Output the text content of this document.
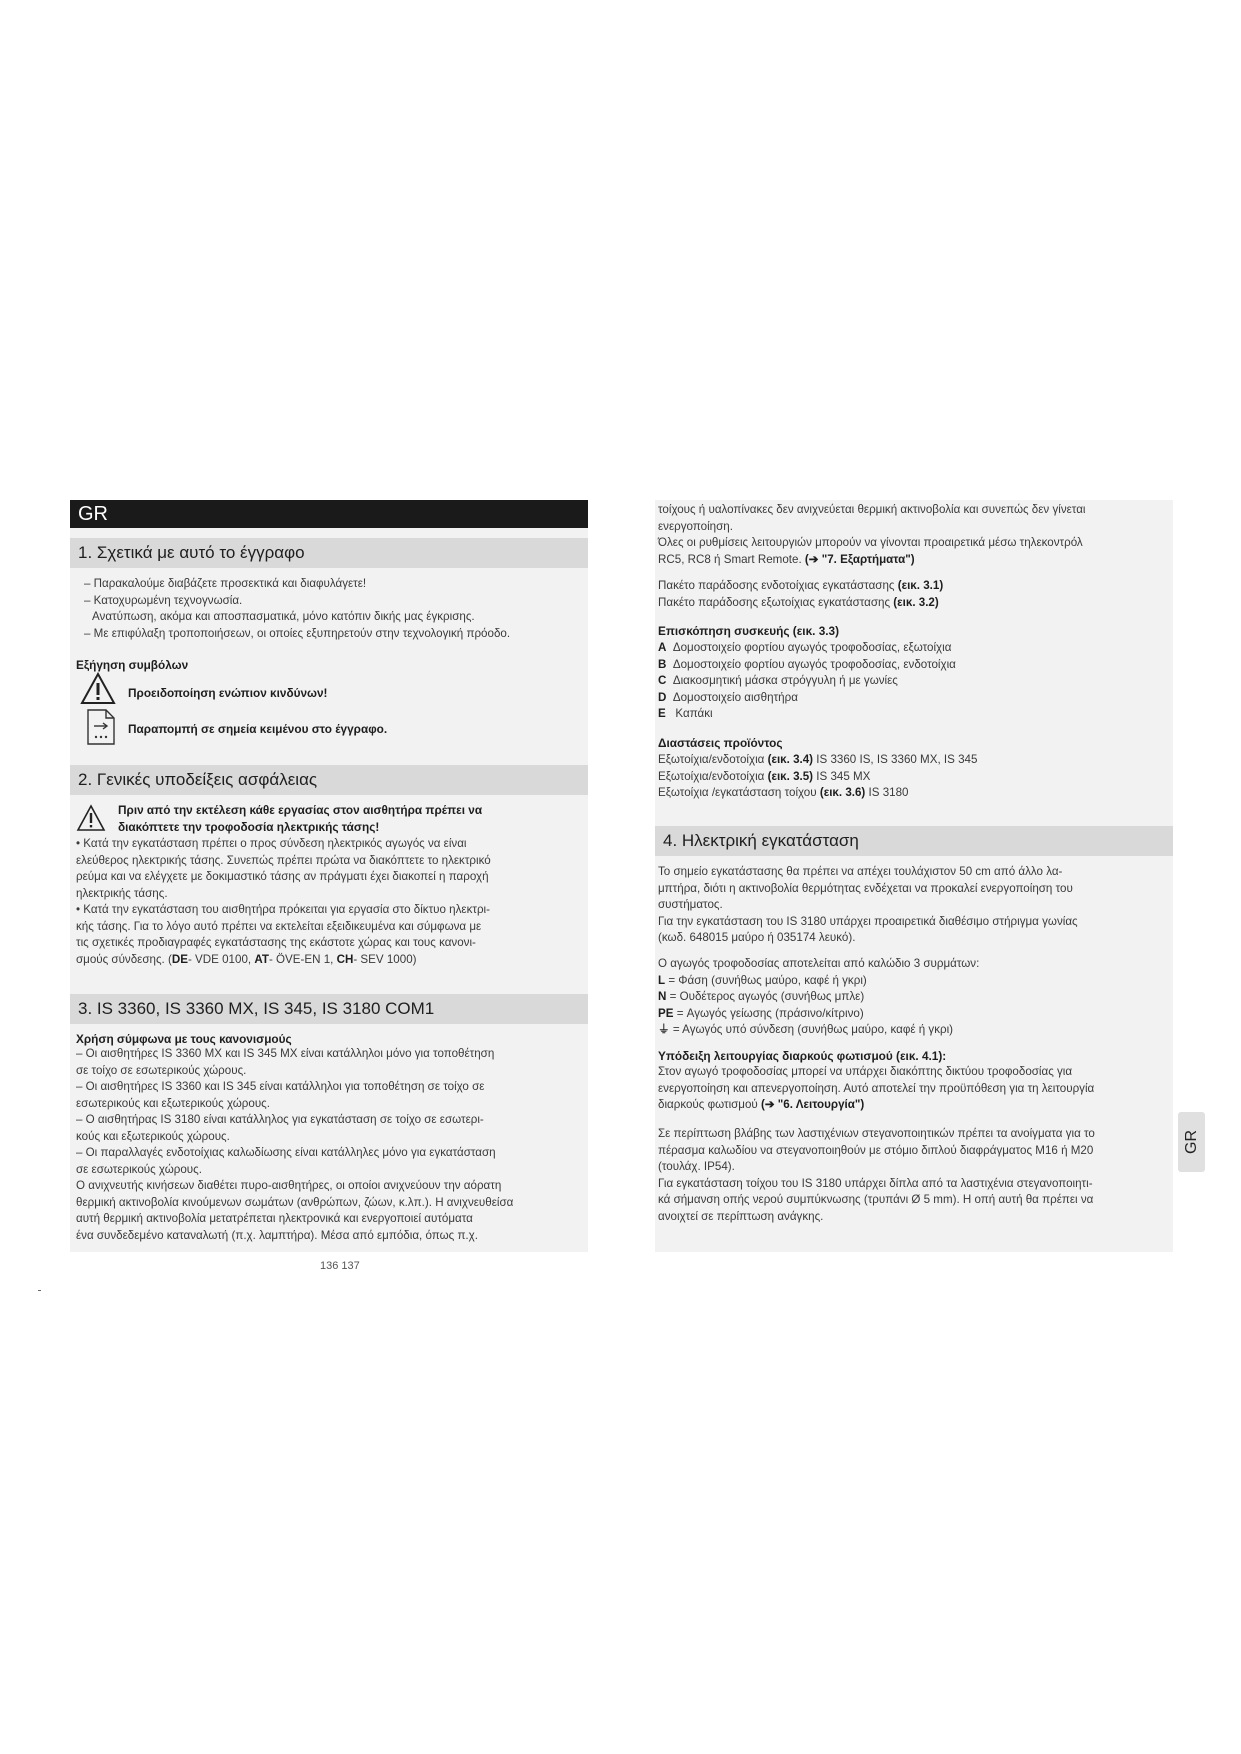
GR
1. Σχετικά με αυτό το έγγραφο
– Παρακαλούμε διαβάζετε προσεκτικά και διαφυλάγετε!
– Κατοχυρωμένη τεχνογνωσία.
Ανατύπωση, ακόμα και αποσπασματικά, μόνο κατόπιν δικής μας έγκρισης.
– Με επιφύλαξη τροποποιήσεων, οι οποίες εξυπηρετούν στην τεχνολογική πρόοδο.
Εξήγηση συμβόλων
Προειδοποίηση ενώπιον κινδύνων!
Παραπομπή σε σημεία κειμένου στο έγγραφο.
2. Γενικές υποδείξεις ασφάλειας
Πριν από την εκτέλεση κάθε εργασίας στον αισθητήρα πρέπει να
διακόπτετε την τροφοδοσία ηλεκτρικής τάσης!
• Κατά την εγκατάσταση πρέπει ο προς σύνδεση ηλεκτρικός αγωγός να είναι
ελεύθερος ηλεκτρικής τάσης. Συνεπώς πρέπει πρώτα να διακόπτετε το ηλεκτρικό
ρεύμα και να ελέγχετε με δοκιμαστικό τάσης αν πράγματι έχει διακοπεί η παροχή
ηλεκτρικής τάσης.
• Κατά την εγκατάσταση του αισθητήρα πρόκειται για εργασία στο δίκτυο ηλεκτρι-
κής τάσης. Για το λόγο αυτό πρέπει να εκτελείται εξειδικευμένα και σύμφωνα με
τις σχετικές προδιαγραφές εγκατάστασης της εκάστοτε χώρας και τους κανονι-
σμούς σύνδεσης. (DE- VDE 0100, AT- ÖVE-EN 1, CH- SEV 1000)
3. IS 3360, IS 3360 MX, IS 345, IS 3180 COM1
Χρήση σύμφωνα με τους κανονισμούς
– Οι αισθητήρες IS 3360 MX και IS 345 MX είναι κατάλληλοι μόνο για τοποθέτηση
σε τοίχο σε εσωτερικούς χώρους.
– Οι αισθητήρες IS 3360 και IS 345 είναι κατάλληλοι για τοποθέτηση σε τοίχο σε
εσωτερικούς και εξωτερικούς χώρους.
– Ο αισθητήρας IS 3180 είναι κατάλληλος για εγκατάσταση σε τοίχο σε εσωτερι-
κούς και εξωτερικούς χώρους.
– Οι παραλλαγές ενδοτοίχιας καλωδίωσης είναι κατάλληλες μόνο για εγκατάσταση
σε εσωτερικούς χώρους.
Ο ανιχνευτής κινήσεων διαθέτει πυρο-αισθητήρες, οι οποίοι ανιχνεύουν την αόρατη
θερμική ακτινοβολία κινούμενων σωμάτων (ανθρώπων, ζώων, κ.λπ.). Η ανιχνευθείσα
αυτή θερμική ακτινοβολία μετατρέπεται ηλεκτρονικά και ενεργοποιεί αυτόματα
ένα συνδεδεμένο καταναλωτή (π.χ. λαμπτήρα). Μέσα από εμπόδια, όπως π.χ.
136 137
τοίχους ή υαλοπίνακες δεν ανιχνεύεται θερμική ακτινοβολία και συνεπώς δεν γίνεται
ενεργοποίηση.
Όλες οι ρυθμίσεις λειτουργιών μπορούν να γίνονται προαιρετικά μέσω τηλεκοντρόλ
RC5, RC8 ή Smart Remote. (➔ "7. Εξαρτήματα")
Πακέτο παράδοσης ενδοτοίχιας εγκατάστασης (εικ. 3.1)
Πακέτο παράδοσης εξωτοίχιας εγκατάστασης (εικ. 3.2)
Επισκόπηση συσκευής (εικ. 3.3)
A Δομοστοιχείο φορτίου αγωγός τροφοδοσίας, εξωτοίχια
B Δομοστοιχείο φορτίου αγωγός τροφοδοσίας, ενδοτοίχια
C Διακοσμητική μάσκα στρόγγυλη ή με γωνίες
D Δομοστοιχείο αισθητήρα
E Καπάκι
Διαστάσεις προϊόντος
Εξωτοίχια/ενδοτοίχια (εικ. 3.4) IS 3360 IS, IS 3360 MX, IS 345
Εξωτοίχια/ενδοτοίχια (εικ. 3.5) IS 345 MX
Εξωτοίχια /εγκατάσταση τοίχου (εικ. 3.6) IS 3180
4. Ηλεκτρική εγκατάσταση
Το σημείο εγκατάστασης θα πρέπει να απέχει τουλάχιστον 50 cm από άλλο λα-
μπτήρα, διότι η ακτινοβολία θερμότητας ενδέχεται να προκαλεί ενεργοποίηση του
συστήματος.
Για την εγκατάσταση του IS 3180 υπάρχει προαιρετικά διαθέσιμο στήριγμα γωνίας
(κωδ. 648015 μαύρο ή 035174 λευκό).
Ο αγωγός τροφοδοσίας αποτελείται από καλώδιο 3 συρμάτων:
L = Φάση (συνήθως μαύρο, καφέ ή γκρι)
N = Ουδέτερος αγωγός (συνήθως μπλε)
PE = Αγωγός γείωσης (πράσινο/κίτρινο)
⏚ = Αγωγός υπό σύνδεση (συνήθως μαύρο, καφέ ή γκρι)
Υπόδειξη λειτουργίας διαρκούς φωτισμού (εικ. 4.1):
Στον αγωγό τροφοδοσίας μπορεί να υπάρχει διακόπτης δικτύου τροφοδοσίας για
ενεργοποίηση και απενεργοποίηση. Αυτό αποτελεί την προϋπόθεση για τη λειτουργία
διαρκούς φωτισμού (➔ "6. Λειτουργία")
Σε περίπτωση βλάβης των λαστιχένιων στεγανοποιητικών πρέπει τα ανοίγματα για το
πέρασμα καλωδίου να στεγανοποιηθούν με στόμιο διπλού διαφράγματος M16 ή M20
(τουλάχ. IP54).
Για εγκατάσταση τοίχου του IS 3180 υπάρχει δίπλα από τα λαστιχένια στεγανοποιητι-
κά σήμανση οπής νερού συμπύκνωσης (τρυπάνι Ø 5 mm). Η οπή αυτή θα πρέπει να
ανοιχτεί σε περίπτωση ανάγκης.
GR
